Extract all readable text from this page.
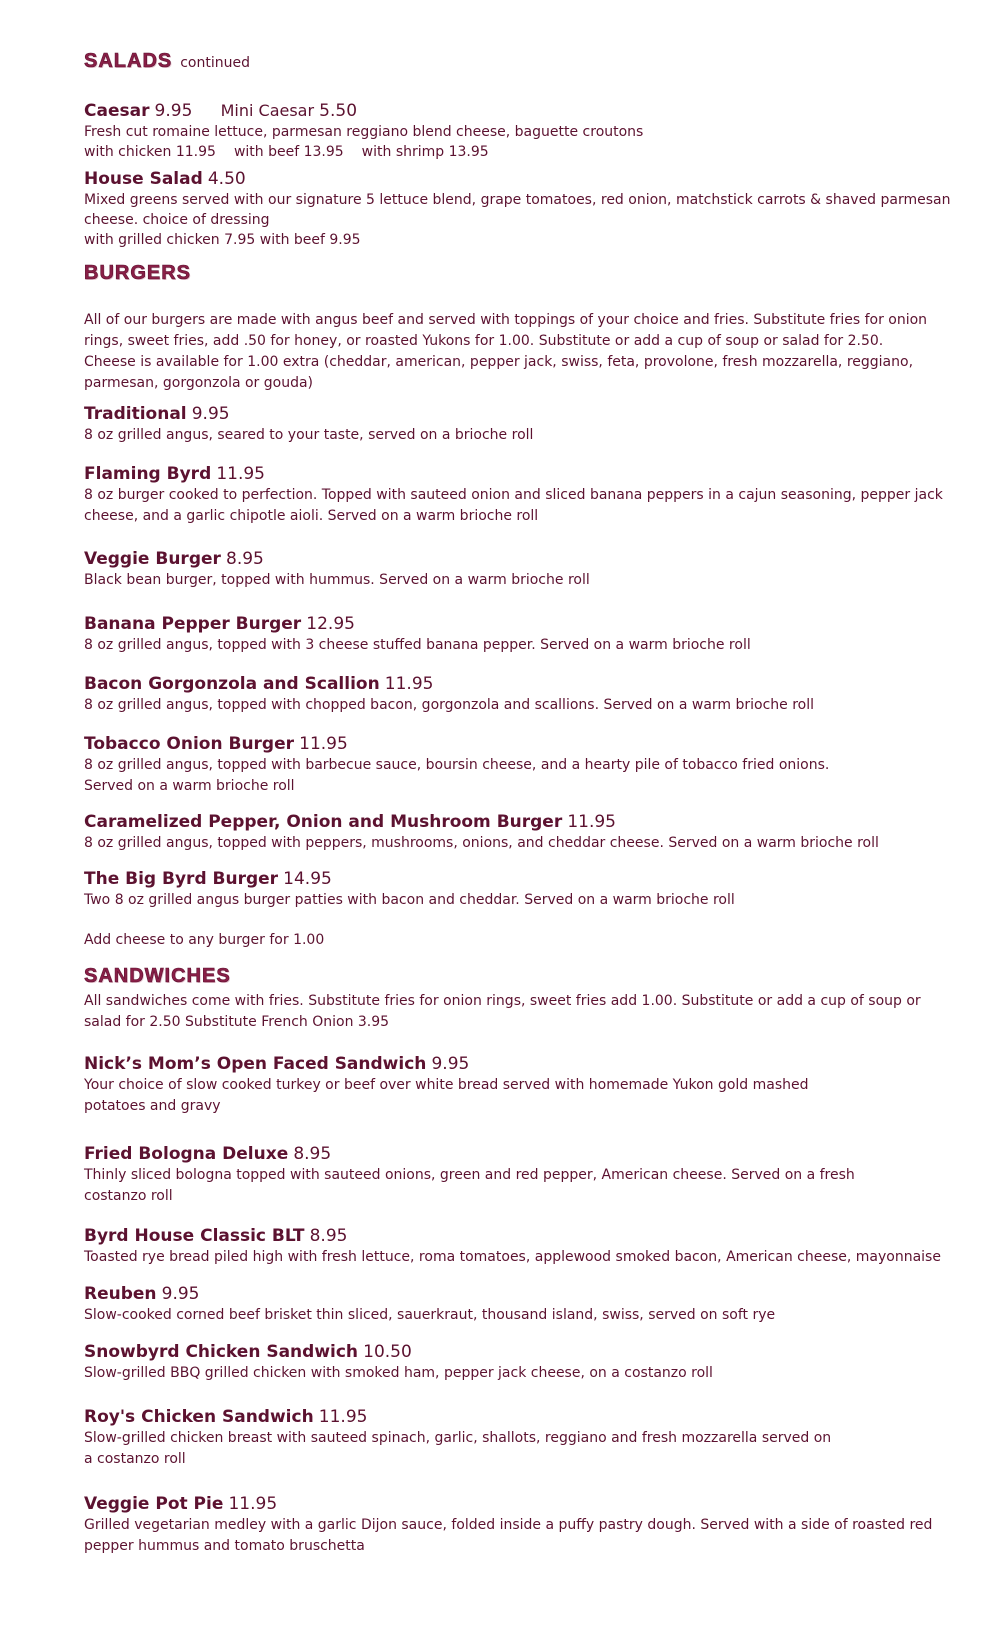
SALADS continued
Caesar 9.95 Mini Caesar 5.50
Fresh cut romaine lettuce, parmesan reggiano blend cheese, baguette croutons
with chicken 11.95 with beef 13.95 with shrimp 13.95
House Salad 4.50
Mixed greens served with our signature 5 lettuce blend, grape tomatoes, red onion, matchstick carrots & shaved parmesan
cheese. choice of dressing
with grilled chicken 7.95 with beef 9.95
BURGERS
All of our burgers are made with angus beef and served with toppings of your choice and fries. Substitute fries for onion
rings, sweet fries, add .50 for honey, or roasted Yukons for 1.00. Substitute or add a cup of soup or salad for 2.50.
Cheese is available for 1.00 extra (cheddar, american, pepper jack, swiss, feta, provolone, fresh mozzarella, reggiano,
parmesan, gorgonzola or gouda)
Traditional 9.95
8 oz grilled angus, seared to your taste, served on a brioche roll
Flaming Byrd 11.95
8 oz burger cooked to perfection. Topped with sauteed onion and sliced banana peppers in a cajun seasoning, pepper jack
cheese, and a garlic chipotle aioli. Served on a warm brioche roll
Veggie Burger 8.95
Black bean burger, topped with hummus. Served on a warm brioche roll
Banana Pepper Burger 12.95
8 oz grilled angus, topped with 3 cheese stuffed banana pepper. Served on a warm brioche roll
Bacon Gorgonzola and Scallion 11.95
8 oz grilled angus, topped with chopped bacon, gorgonzola and scallions. Served on a warm brioche roll
Tobacco Onion Burger 11.95
8 oz grilled angus, topped with barbecue sauce, boursin cheese, and a hearty pile of tobacco fried onions.
Served on a warm brioche roll
Caramelized Pepper, Onion and Mushroom Burger 11.95
8 oz grilled angus, topped with peppers, mushrooms, onions, and cheddar cheese. Served on a warm brioche roll
The Big Byrd Burger 14.95
Two 8 oz grilled angus burger patties with bacon and cheddar. Served on a warm brioche roll
Add cheese to any burger for 1.00
SANDWICHES
All sandwiches come with fries. Substitute fries for onion rings, sweet fries add 1.00. Substitute or add a cup of soup or
salad for 2.50 Substitute French Onion 3.95
Nick’s Mom’s Open Faced Sandwich 9.95
Your choice of slow cooked turkey or beef over white bread served with homemade Yukon gold mashed
potatoes and gravy
Fried Bologna Deluxe 8.95
Thinly sliced bologna topped with sauteed onions, green and red pepper, American cheese. Served on a fresh
costanzo roll
Byrd House Classic BLT 8.95
Toasted rye bread piled high with fresh lettuce, roma tomatoes, applewood smoked bacon, American cheese, mayonnaise
Reuben 9.95
Slow-cooked corned beef brisket thin sliced, sauerkraut, thousand island, swiss, served on soft rye
Snowbyrd Chicken Sandwich 10.50
Slow-grilled BBQ grilled chicken with smoked ham, pepper jack cheese, on a costanzo roll
Roy's Chicken Sandwich 11.95
Slow-grilled chicken breast with sauteed spinach, garlic, shallots, reggiano and fresh mozzarella served on
a costanzo roll
Veggie Pot Pie 11.95
Grilled vegetarian medley with a garlic Dijon sauce, folded inside a puffy pastry dough. Served with a side of roasted red
pepper hummus and tomato bruschetta
